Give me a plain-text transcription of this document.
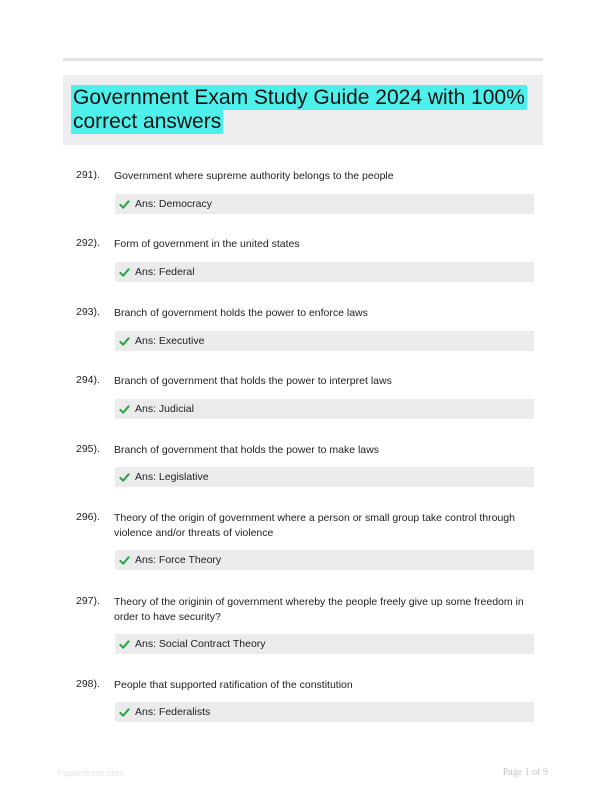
Government Exam Study Guide 2024 with 100% correct answers
291). Government where supreme authority belongs to the people
Ans: Democracy
292). Form of government in the united states
Ans: Federal
293). Branch of government holds the power to enforce laws
Ans: Executive
294). Branch of government that holds the power to interpret laws
Ans: Judicial
295). Branch of government that holds the power to make laws
Ans: Legislative
296). Theory of the origin of government where a person or small group take control through violence and/or threats of violence
Ans: Force Theory
297). Theory of the originin of government whereby the people freely give up some freedom in order to have security?
Ans: Social Contract Theory
298). People that supported ratification of the constitution
Ans: Federalists
Paperstonic.com	Page 1 of 9
